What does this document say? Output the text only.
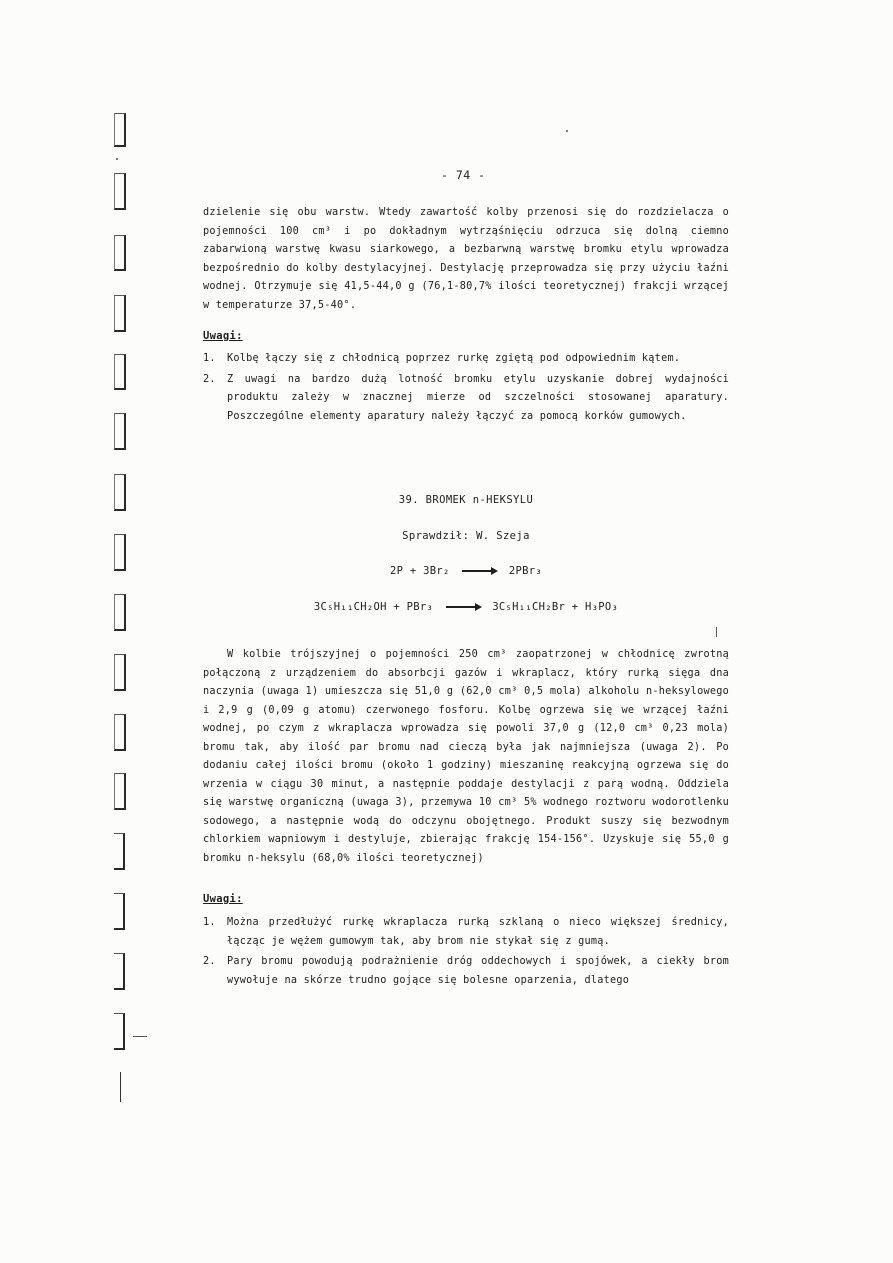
- 74 -
dzielenie się obu warstw. Wtedy zawartość kolby przenosi się do rozdzielacza o pojemności 100 cm³ i po dokładnym wytrząśnięciu odrzuca się dolną ciemno zabarwioną warstwę kwasu siarkowego, a bezbarwną warstwę bromku etylu wprowadza bezpośrednio do kolby destylacyjnej. Destylację przeprowadza się przy użyciu łaźni wodnej. Otrzymuje się 41,5-44,0 g (76,1-80,7% ilości teoretycznej) frakcji wrzącej w temperaturze 37,5-40°.
Uwagi:
1. Kolbę łączy się z chłodnicą poprzez rurkę zgiętą pod odpowiednim kątem.
2. Z uwagi na bardzo dużą lotność bromku etylu uzyskanie dobrej wydajności produktu zależy w znacznej mierze od szczelności stosowanej aparatury. Poszczególne elementy aparatury należy łączyć za pomocą korków gumowych.
39. BROMEK n-HEKSYLU
Sprawdził: W. Szeja
2P + 3Br₂ → 2PBr₃
3C₅H₁₁CH₂OH + PBr₃ → 3C₅H₁₁CH₂Br + H₃PO₃
W kolbie trójszyjnej o pojemności 250 cm³ zaopatrzonej w chłodnicę zwrotną połączoną z urządzeniem do absorbcji gazów i wkraplacz, który rurką sięga dna naczynia (uwaga 1) umieszcza się 51,0 g (62,0 cm³ 0,5 mola) alkoholu n-heksylowego i 2,9 g (0,09 g atomu) czerwonego fosforu. Kolbę ogrzewa się we wrzącej łaźni wodnej, po czym z wkraplacza wprowadza się powoli 37,0 g (12,0 cm³ 0,23 mola) bromu tak, aby ilość par bromu nad cieczą była jak najmniejsza (uwaga 2). Po dodaniu całej ilości bromu (około 1 godziny) mieszaninę reakcyjną ogrzewa się do wrzenia w ciągu 30 minut, a następnie poddaje destylacji z parą wodną. Oddziela się warstwę organiczną (uwaga 3), przemywa 10 cm³ 5% wodnego roztworu wodorotlenku sodowego, a następnie wodą do odczynu obojętnego. Produkt suszy się bezwodnym chlorkiem wapniowym i destyluje, zbierając frakcję 154-156°. Uzyskuje się 55,0 g bromku n-heksylu (68,0% ilości teoretycznej)
Uwagi:
1. Można przedłużyć rurkę wkraplacza rurką szklaną o nieco większej średnicy, łącząc je wężem gumowym tak, aby brom nie stykał się z gumą.
2. Pary bromu powodują podrażnienie dróg oddechowych i spojówek, a ciekły brom wywołuje na skórze trudno gojące się bolesne oparzenia, dlatego
